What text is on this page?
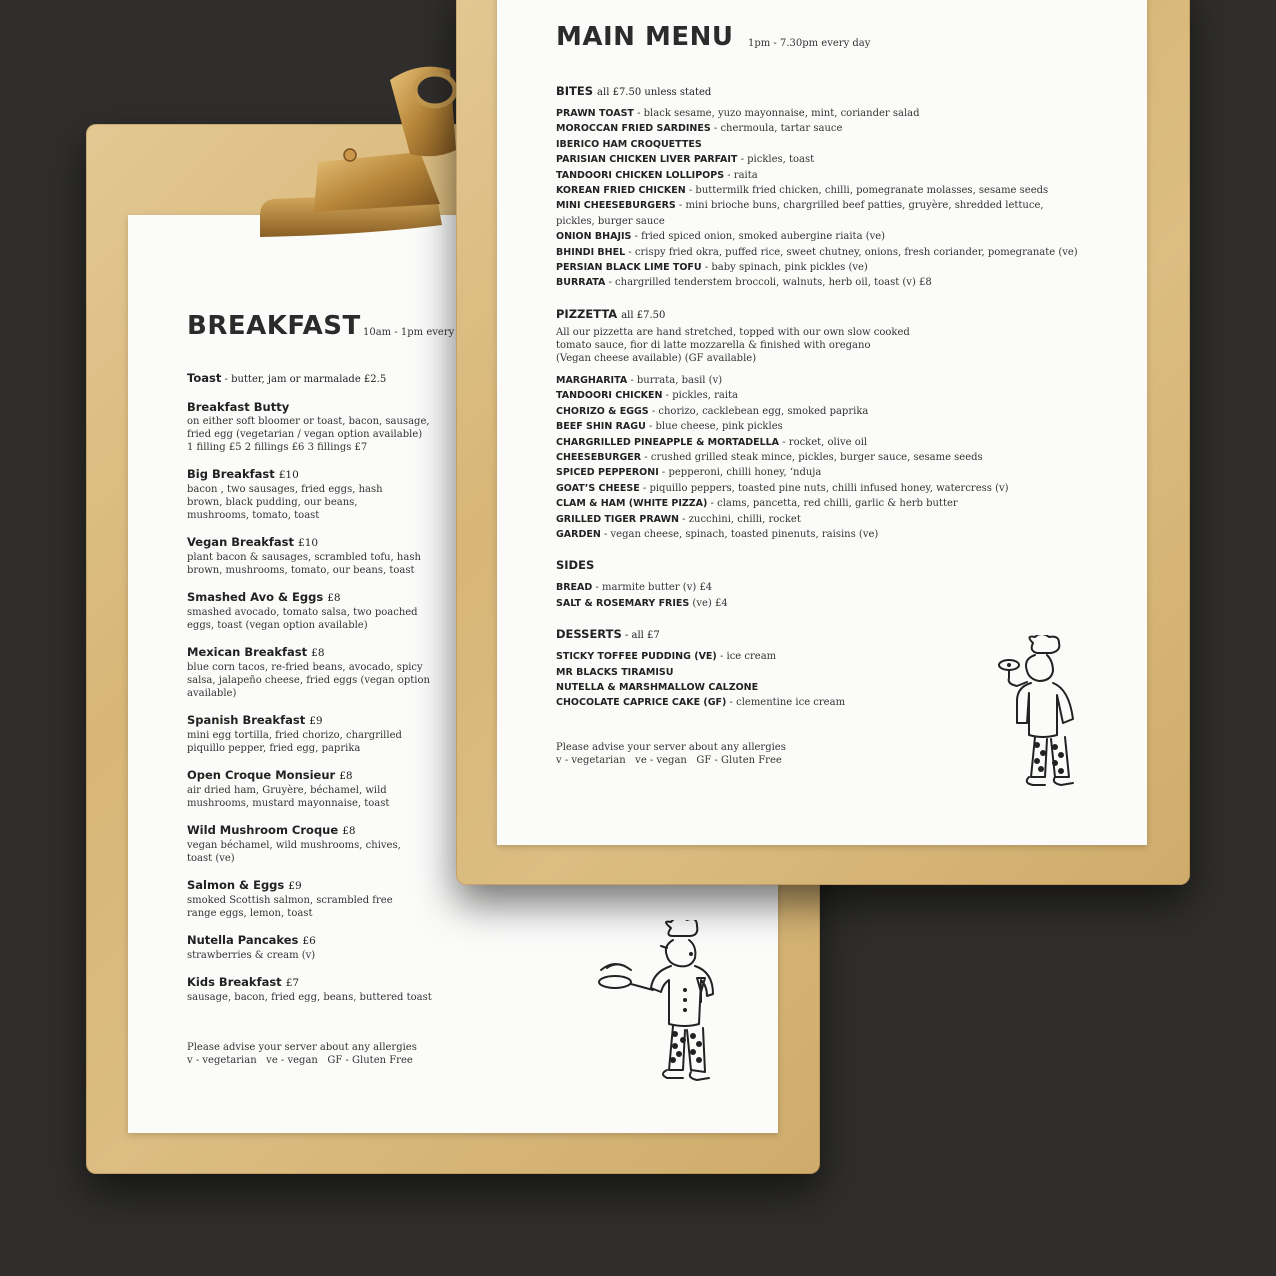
BREAKFAST 10am - 1pm every
Toast - butter, jam or marmalade £2.5
Breakfast Butty
on either soft bloomer or toast, bacon, sausage,
fried egg (vegetarian / vegan option available)
1 filling £5 2 fillings £6 3 fillings £7
Big Breakfast £10
bacon , two sausages, fried eggs, hash
brown, black pudding, our beans,
mushrooms, tomato, toast
Vegan Breakfast £10
plant bacon & sausages, scrambled tofu, hash
brown, mushrooms, tomato, our beans, toast
Smashed Avo & Eggs £8
smashed avocado, tomato salsa, two poached
eggs, toast (vegan option available)
Mexican Breakfast £8
blue corn tacos, re-fried beans, avocado, spicy
salsa, jalapeño cheese, fried eggs (vegan option
available)
Spanish Breakfast £9
mini egg tortilla, fried chorizo, chargrilled
piquillo pepper, fried egg, paprika
Open Croque Monsieur £8
air dried ham, Gruyère, béchamel, wild
mushrooms, mustard mayonnaise, toast
Wild Mushroom Croque £8
vegan béchamel, wild mushrooms, chives,
toast (ve)
Salmon & Eggs £9
smoked Scottish salmon, scrambled free
range eggs, lemon, toast
Nutella Pancakes £6
strawberries & cream (v)
Kids Breakfast £7
sausage, bacon, fried egg, beans, buttered toast
Please advise your server about any allergies
v - vegetarian   ve - vegan   GF - Gluten Free
MAIN MENU 1pm - 7.30pm every day
BITES all £7.50 unless stated
PRAWN TOAST - black sesame, yuzo mayonnaise, mint, coriander salad
MOROCCAN FRIED SARDINES - chermoula, tartar sauce
IBERICO HAM CROQUETTES
PARISIAN CHICKEN LIVER PARFAIT - pickles, toast
TANDOORI CHICKEN LOLLIPOPS - raita
KOREAN FRIED CHICKEN - buttermilk fried chicken, chilli, pomegranate molasses, sesame seeds
MINI CHEESEBURGERS - mini brioche buns, chargrilled beef patties, gruyère, shredded lettuce, pickles, burger sauce
ONION BHAJIS - fried spiced onion, smoked aubergine riaita (ve)
BHINDI BHEL - crispy fried okra, puffed rice, sweet chutney, onions, fresh coriander, pomegranate (ve)
PERSIAN BLACK LIME TOFU - baby spinach, pink pickles (ve)
BURRATA - chargrilled tenderstem broccoli, walnuts, herb oil, toast (v) £8
PIZZETTA all £7.50
All our pizzetta are hand stretched, topped with our own slow cooked
tomato sauce, fior di latte mozzarella & finished with oregano
(Vegan cheese available) (GF available)
MARGHARITA - burrata, basil (v)
TANDOORI CHICKEN - pickles, raita
CHORIZO & EGGS - chorizo, cacklebean egg, smoked paprika
BEEF SHIN RAGU - blue cheese, pink pickles
CHARGRILLED PINEAPPLE & MORTADELLA - rocket, olive oil
CHEESEBURGER - crushed grilled steak mince, pickles, burger sauce, sesame seeds
SPICED PEPPERONI - pepperoni, chilli honey, ‘nduja
GOAT’S CHEESE - piquillo peppers, toasted pine nuts, chilli infused honey, watercress (v)
CLAM & HAM (WHITE PIZZA) - clams, pancetta, red chilli, garlic & herb butter
GRILLED TIGER PRAWN - zucchini, chilli, rocket
GARDEN - vegan cheese, spinach, toasted pinenuts, raisins (ve)
SIDES
BREAD - marmite butter (v) £4
SALT & ROSEMARY FRIES (ve) £4
DESSERTS - all £7
STICKY TOFFEE PUDDING (VE) - ice cream
MR BLACKS TIRAMISU
NUTELLA & MARSHMALLOW CALZONE
CHOCOLATE CAPRICE CAKE (GF) - clementine ice cream
Please advise your server about any allergies
v - vegetarian   ve - vegan   GF - Gluten Free
